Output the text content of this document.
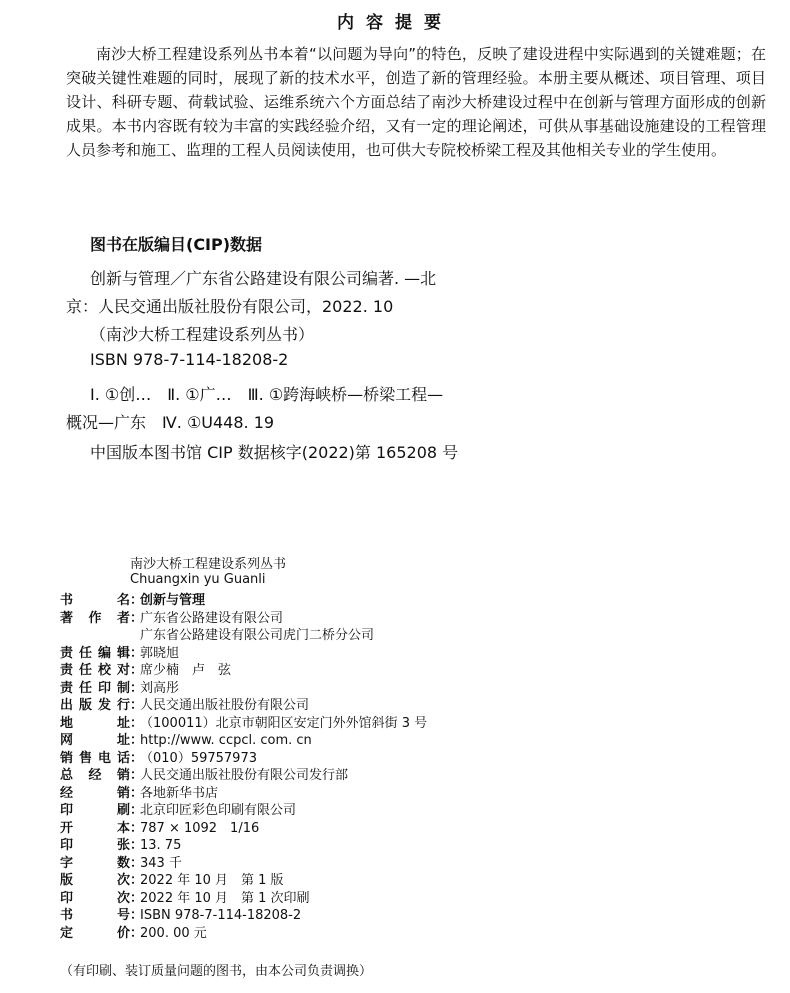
内容提要
南沙大桥工程建设系列丛书本着“以问题为导向”的特色，反映了建设进程中实际遇到的关键难题；在突破关键性难题的同时，展现了新的技术水平，创造了新的管理经验。本册主要从概述、项目管理、项目设计、科研专题、荷载试验、运维系统六个方面总结了南沙大桥建设过程中在创新与管理方面形成的创新成果。本书内容既有较为丰富的实践经验介绍，又有一定的理论阐述，可供从事基础设施建设的工程管理人员参考和施工、监理的工程人员阅读使用，也可供大专院校桥梁工程及其他相关专业的学生使用。
图书在版编目(CIP)数据
创新与管理／广东省公路建设有限公司编著. —北
京：人民交通出版社股份有限公司，2022. 10
（南沙大桥工程建设系列丛书）
ISBN 978-7-114-18208-2
Ⅰ. ①创…　Ⅱ. ①广…　Ⅲ. ①跨海峡桥—桥梁工程—
概况—广东　Ⅳ. ①U448. 19
中国版本图书馆 CIP 数据核字(2022)第 165208 号
南沙大桥工程建设系列丛书
Chuangxin yu Guanli
书名 ：
创新与管理
著作者 ：
广东省公路建设有限公司
广东省公路建设有限公司虎门二桥分公司
责任编辑 ：
郭晓旭
责任校对 ：
席少楠　卢　弦
责任印制 ：
刘高彤
出版发行 ：
人民交通出版社股份有限公司
地址 ：
（100011）北京市朝阳区安定门外外馆斜街 3 号
网址 ：
http://www. ccpcl. com. cn
销售电话 ：
（010）59757973
总经销 ：
人民交通出版社股份有限公司发行部
经销 ：
各地新华书店
印刷 ：
北京印匠彩色印刷有限公司
开本 ：
787 × 1092　1/16
印张 ：
13. 75
字数 ：
343 千
版次 ：
2022 年 10 月　第 1 版
印次 ：
2022 年 10 月　第 1 次印刷
书号 ：
ISBN 978-7-114-18208-2
定价 ：
200. 00 元
（有印刷、装订质量问题的图书，由本公司负责调换）
